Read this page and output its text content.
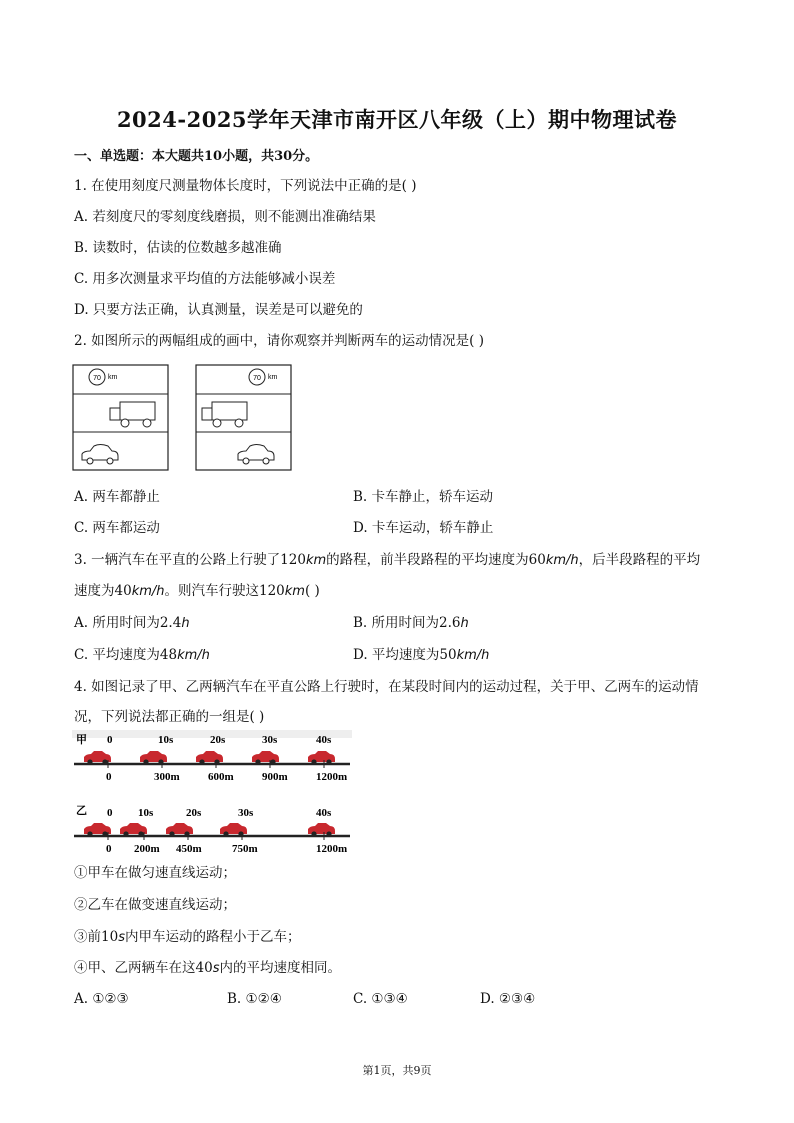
2024-2025学年天津市南开区八年级（上）期中物理试卷
一、单选题：本大题共10小题，共30分。
1. 在使用刻度尺测量物体长度时，下列说法中正确的是( )
A. 若刻度尺的零刻度线磨损，则不能测出准确结果
B. 读数时，估读的位数越多越准确
C. 用多次测量求平均值的方法能够减小误差
D. 只要方法正确，认真测量，误差是可以避免的
2. 如图所示的两幅组成的画中，请你观察并判断两车的运动情况是( )
70 km	70 km
A. 两车都静止	B. 卡车静止，轿车运动
C. 两车都运动	D. 卡车运动，轿车静止
3. 一辆汽车在平直的公路上行驶了120km的路程，前半段路程的平均速度为60km/h，后半段路程的平均
速度为40km/h。则汽车行驶这120km( )
A. 所用时间为2.4h	B. 所用时间为2.6h
C. 平均速度为48km/h	D. 平均速度为50km/h
4. 如图记录了甲、乙两辆汽车在平直公路上行驶时，在某段时间内的运动过程，关于甲、乙两车的运动情
况，下列说法都正确的一组是( )
甲 0	10s	20s	30s	40s
0	300m	600m	900m	1200m
乙 0 10s	20s	30s	40s
0 200m 450m	750m	1200m
①甲车在做匀速直线运动；
②乙车在做变速直线运动；
③前10s内甲车运动的路程小于乙车；
④甲、乙两辆车在这40s内的平均速度相同。
A. ①②③	B. ①②④	C. ①③④	D. ②③④
第1页，共9页
